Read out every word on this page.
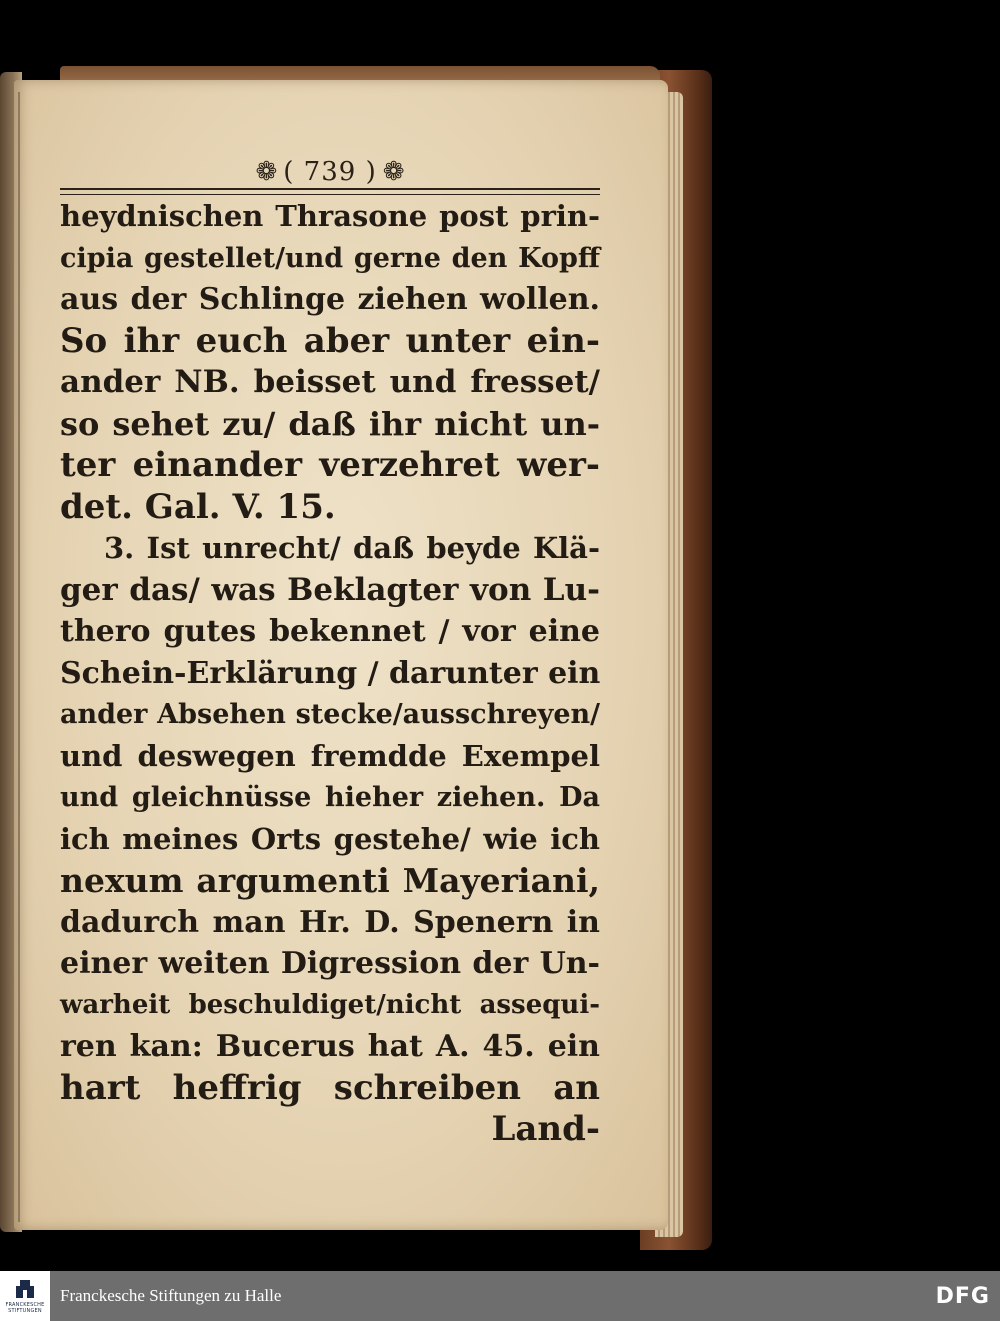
❁ ( 739 ) ❁
heydnischen Thrasone post prin-
cipia gestellet/und gerne den Kopff
aus der Schlinge ziehen wollen.
So ihr euch aber unter ein-
ander NB. beisset und fresset/
so sehet zu/ daß ihr nicht un-
ter einander verzehret wer-
det. Gal. V. 15.
3. Ist unrecht/ daß beyde Klä-
ger das/ was Beklagter von Lu-
thero gutes bekennet / vor eine
Schein-Erklärung / darunter ein
ander Absehen stecke/ausschreyen/
und deswegen fremdde Exempel
und gleichnüsse hieher ziehen. Da
ich meines Orts gestehe/ wie ich
nexum argumenti Mayeriani,
dadurch man Hr. D. Spenern in
einer weiten Digression der Un-
warheit beschuldiget/nicht assequi-
ren kan: Bucerus hat A. 45. ein
hart heffrig schreiben an
Land-
FRANCKESCHE STIFTUNGEN
Franckesche Stiftungen zu Halle	DFG
